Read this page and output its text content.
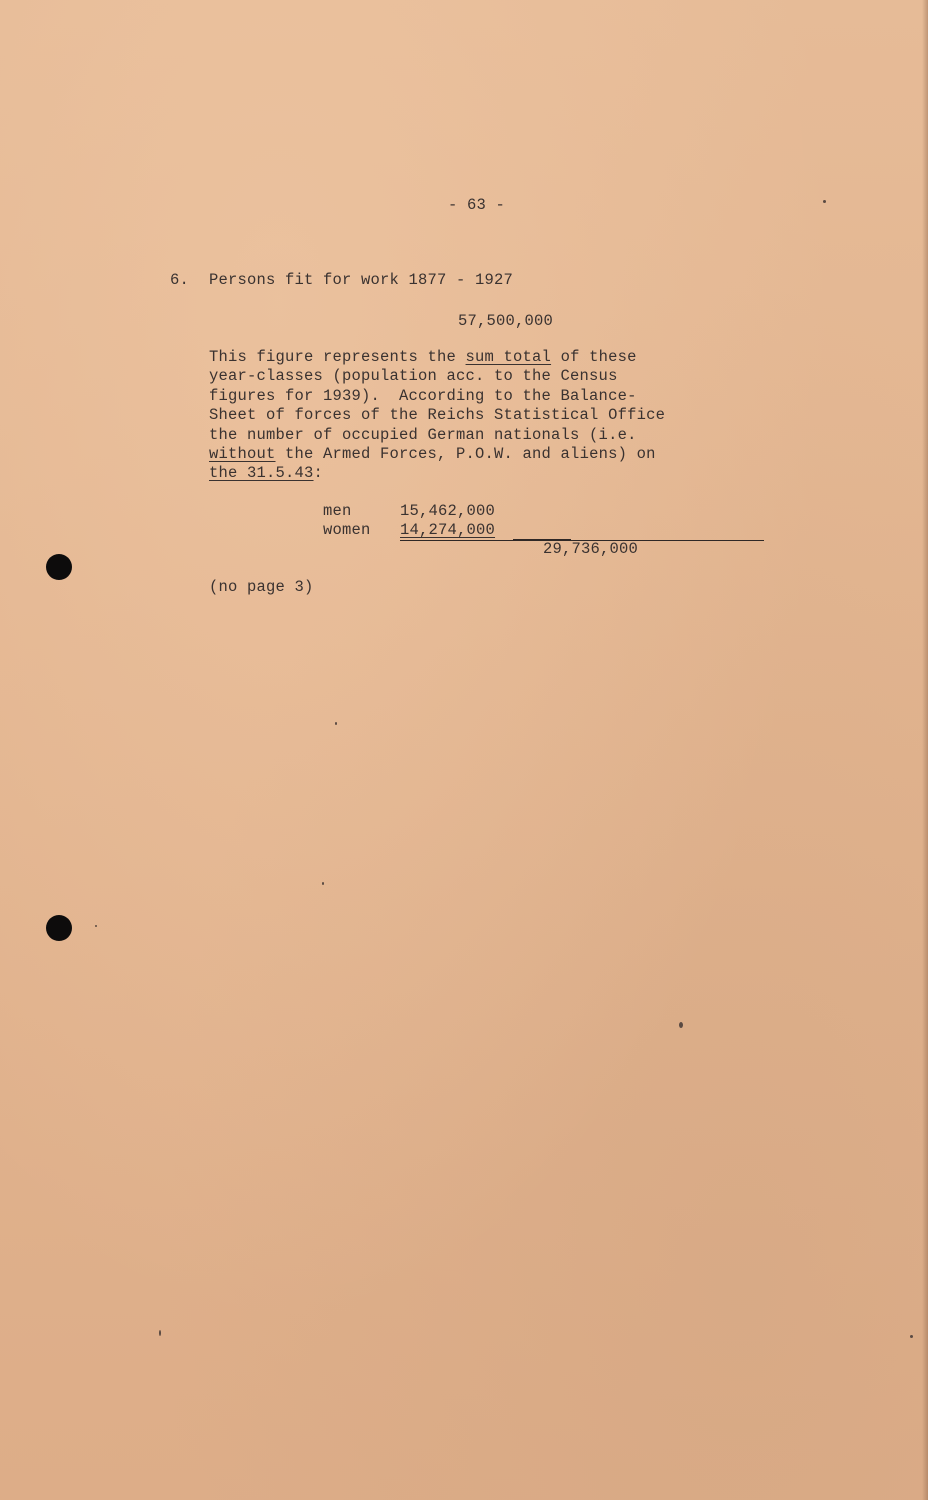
- 63 -
6. Persons fit for work 1877 - 1927
57,500,000
This figure represents the sum total of these
year-classes (population acc. to the Census
figures for 1939).  According to the Balance-
Sheet of forces of the Reichs Statistical Office
the number of occupied German nationals (i.e.
without the Armed Forces, P.O.W. and aliens) on
the 31.5.43:
men	15,462,000
women 14,274,000
29,736,000
(no page 3)
